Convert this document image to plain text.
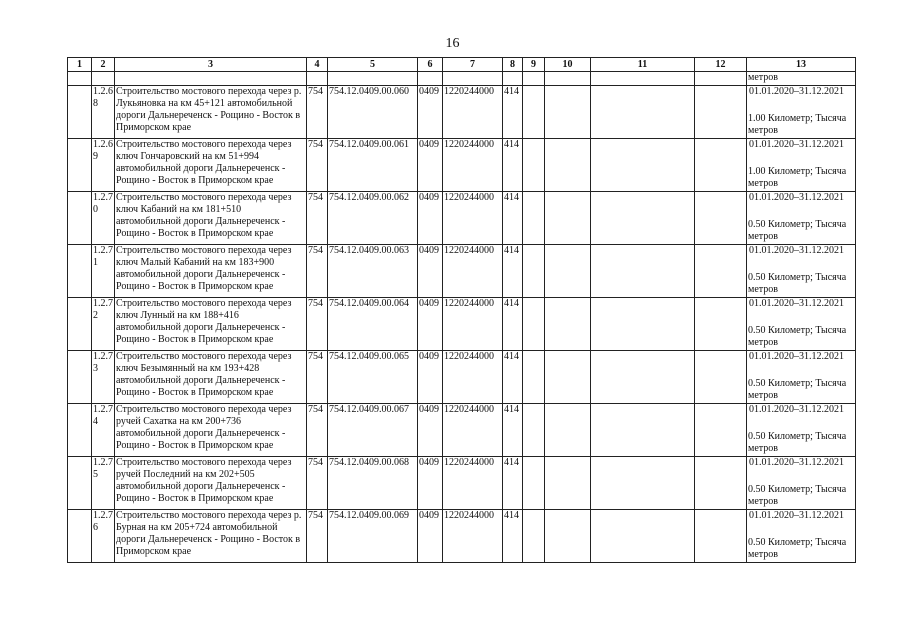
16
1	2	3	4	5	6	7	8	9	10	11	12	13
												метров
	1.2.68	Строительство мостового перехода через р. Лукьяновка на км 45+121 автомобильной дороги Дальнереченск - Рощино - Восток в Приморском крае	754	754.12.0409.00.060	0409	1220244000	414					01.01.2020–31.12.2021
1.00 Километр; Тысяча метров

	1.2.69	Строительство мостового перехода через ключ Гончаровский на км 51+994 автомобильной дороги Дальнереченск - Рощино - Восток в Приморском крае	754	754.12.0409.00.061	0409	1220244000	414					01.01.2020–31.12.2021
1.00 Километр; Тысяча метров

	1.2.70	Строительство мостового перехода через ключ Кабаний на км 181+510 автомобильной дороги Дальнереченск - Рощино - Восток в Приморском крае	754	754.12.0409.00.062	0409	1220244000	414					01.01.2020–31.12.2021
0.50 Километр; Тысяча метров

	1.2.71	Строительство мостового перехода через ключ Малый Кабаний на км 183+900 автомобильной дороги Дальнереченск - Рощино - Восток в Приморском крае	754	754.12.0409.00.063	0409	1220244000	414					01.01.2020–31.12.2021
0.50 Километр; Тысяча метров

	1.2.72	Строительство мостового перехода через ключ Лунный на км 188+416 автомобильной дороги Дальнереченск - Рощино - Восток в Приморском крае	754	754.12.0409.00.064	0409	1220244000	414					01.01.2020–31.12.2021
0.50 Километр; Тысяча метров

	1.2.73	Строительство мостового перехода через ключ Безымянный на км 193+428 автомобильной дороги Дальнереченск - Рощино - Восток в Приморском крае	754	754.12.0409.00.065	0409	1220244000	414					01.01.2020–31.12.2021
0.50 Километр; Тысяча метров

	1.2.74	Строительство мостового перехода через ручей Сахатка на км 200+736 автомобильной дороги Дальнереченск - Рощино - Восток в Приморском крае	754	754.12.0409.00.067	0409	1220244000	414					01.01.2020–31.12.2021
0.50 Километр; Тысяча метров

	1.2.75	Строительство мостового перехода через ручей Последний на км 202+505 автомобильной дороги Дальнереченск - Рощино - Восток в Приморском крае	754	754.12.0409.00.068	0409	1220244000	414					01.01.2020–31.12.2021
0.50 Километр; Тысяча метров

	1.2.76	Строительство мостового перехода через р. Бурная на км 205+724 автомобильной дороги Дальнереченск - Рощино - Восток в Приморском крае	754	754.12.0409.00.069	0409	1220244000	414					01.01.2020–31.12.2021
0.50 Километр; Тысяча метров
